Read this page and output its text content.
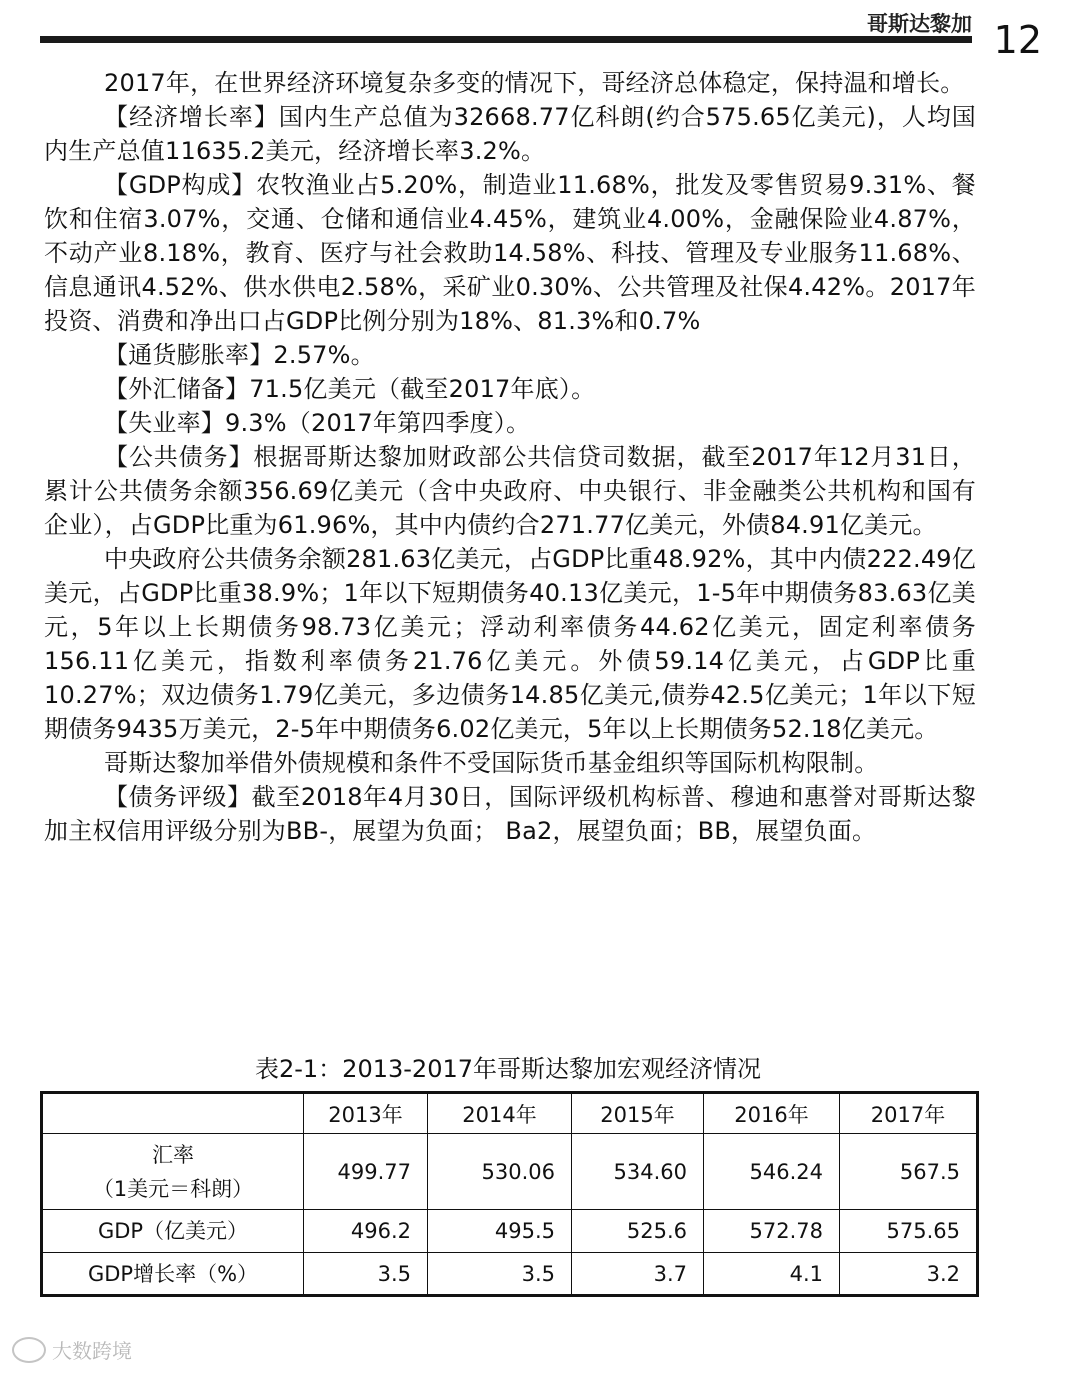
哥斯达黎加 12

2017年，在世界经济环境复杂多变的情况下，哥经济总体稳定，保持温和增长。

【经济增长率】国内生产总值为32668.77亿科朗(约合575.65亿美元)，人均国内生产总值11635.2美元，经济增长率3.2%。

【GDP构成】农牧渔业占5.20%，制造业11.68%，批发及零售贸易9.31%、餐饮和住宿3.07%，交通、仓储和通信业4.45%，建筑业4.00%，金融保险业4.87%，不动产业8.18%，教育、医疗与社会救助14.58%、科技、管理及专业服务11.68%、信息通讯4.52%、供水供电2.58%，采矿业0.30%、公共管理及社保4.42%。2017年投资、消费和净出口占GDP比例分别为18%、81.3%和0.7%

【通货膨胀率】2.57%。

【外汇储备】71.5亿美元（截至2017年底）。

【失业率】9.3%（2017年第四季度）。

【公共债务】根据哥斯达黎加财政部公共信贷司数据，截至2017年12月31日，累计公共债务余额356.69亿美元（含中央政府、中央银行、非金融类公共机构和国有企业），占GDP比重为61.96%，其中内债约合271.77亿美元，外债84.91亿美元。

中央政府公共债务余额281.63亿美元，占GDP比重48.92%，其中内债222.49亿美元，占GDP比重38.9%；1年以下短期债务40.13亿美元，1-5年中期债务83.63亿美元，5年以上长期债务98.73亿美元；浮动利率债务44.62亿美元，固定利率债务156.11亿美元，指数利率债务21.76亿美元。外债59.14亿美元，占GDP比重10.27%；双边债务1.79亿美元，多边债务14.85亿美元,债券42.5亿美元；1年以下短期债务9435万美元，2-5年中期债务6.02亿美元，5年以上长期债务52.18亿美元。

哥斯达黎加举借外债规模和条件不受国际货币基金组织等国际机构限制。

【债务评级】截至2018年4月30日，国际评级机构标普、穆迪和惠誉对哥斯达黎加主权信用评级分别为BB-，展望为负面； Ba2，展望负面；BB，展望负面。

表2-1：2013-2017年哥斯达黎加宏观经济情况
	2013年	2014年	2015年	2016年	2017年

汇率
（1美元＝科朗）	499.77	530.06	534.60	546.24	567.5
GDP（亿美元）	496.2	495.5	525.6	572.78	575.65
GDP增长率（%）	3.5	3.5	3.7	4.1	3.2
大数跨境
